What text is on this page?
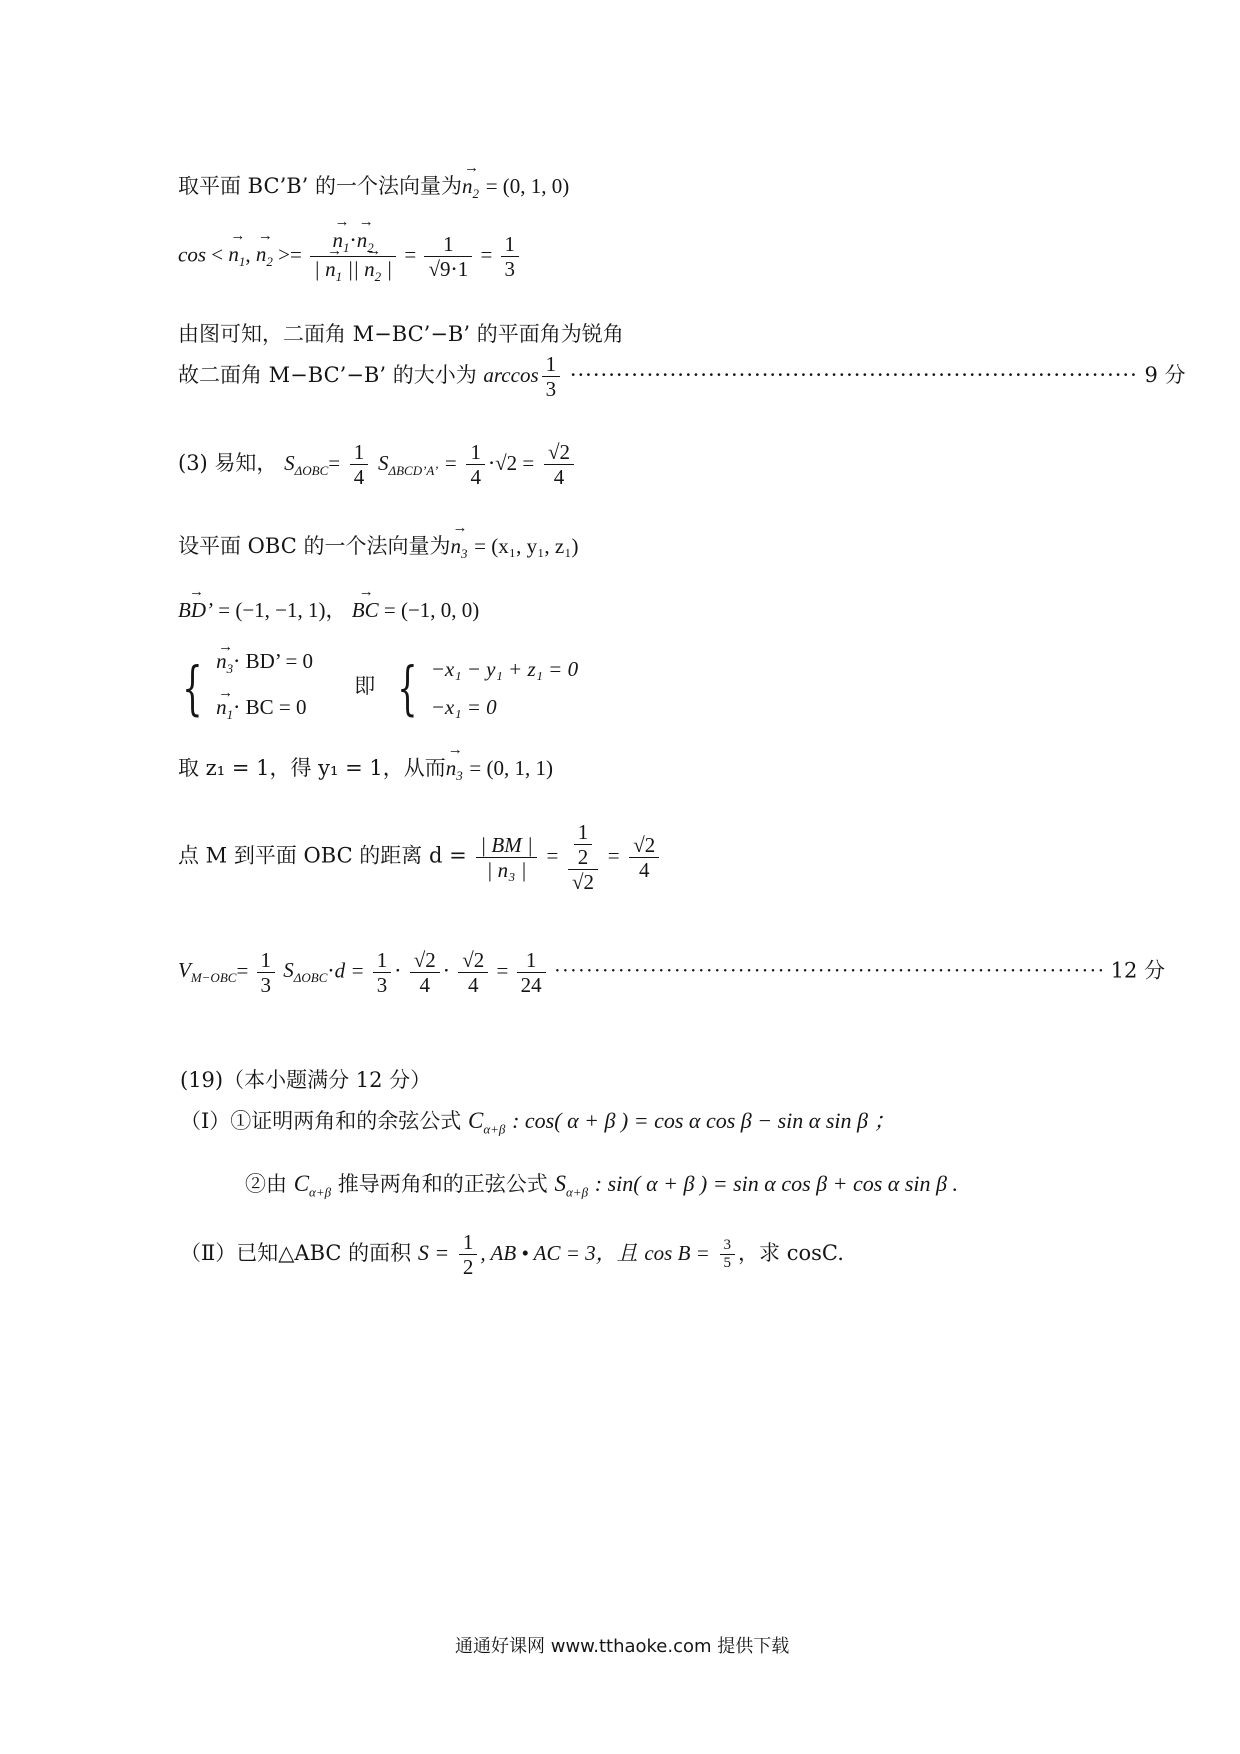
取平面 BC’B’ 的一个法向量为→ $n_2 = (0$, 1, 0)
cos < → $n_1$, → $n_2$ >= → $\frac{n_1\cdot\to n_2}{| \to n_1 || \to n_2 |} = \frac{1}{√9\cdot 1} = \frac{1}{3}$
由图可知，二面角 M−BC’−B’ 的平面角为锐角
故二面角 M−BC’−B’ 的大小为 $\arccos \frac{1}{3}$ ·········································································· 9 分
(3) 易知， $S_{\Delta OBC}= \frac{1}{4} S_{\Delta BCD’A’} = \frac{1}{4} \cdot√2 = \frac{√2}{4}$
设平面 OBC 的一个法向量为→ $n_3 = (x_1$, y₁, z₁)
→ BD’ = (−1, −1, 1)， → BC = (−1, 0, 0)
{ → $n_3\cdot$ BD’ = 0
→ $n_1\cdot$ BC = 0 即 { −x₁ − y₁ + z₁ = 0
−x₁ = 0
取 z₁ = 1，得 y₁ = 1，从而→ $n_3 = (0$, 1, 1)
点 M 到平面 OBC 的距离 $d = \frac{| BM |}{\text{| n₃ |}} = \frac{\frac{1}{2}}{√2} = \frac{√2}{4}$
$V_{M-OBC}= \frac{1}{3} S_{\Delta OBC}\cdot d = \frac{1}{3} \cdot \frac{√2}{4} \cdot \frac{√2}{4} = \frac{1}{24}$ ····································································· 12 分
(19)（本小题满分 12 分）
（Ⅰ）①证明两角和的余弦公式 $C_{\alpha+\beta}$ : cos( α + β ) = cos α cos β − sin α sin β ；
②由 $C_{\alpha+\beta}$ 推导两角和的正弦公式 $S_{\alpha+\beta}$ : sin( α + β ) = sin α cos β + cos α sin β .
（Ⅱ）已知△ABC 的面积 $S = \frac{1}{2}$ , AB • AC = 3，且 $\cos B = \frac{3}{5}$ ，求 cosC.
通通好课网 www.tthaoke.com 提供下载
